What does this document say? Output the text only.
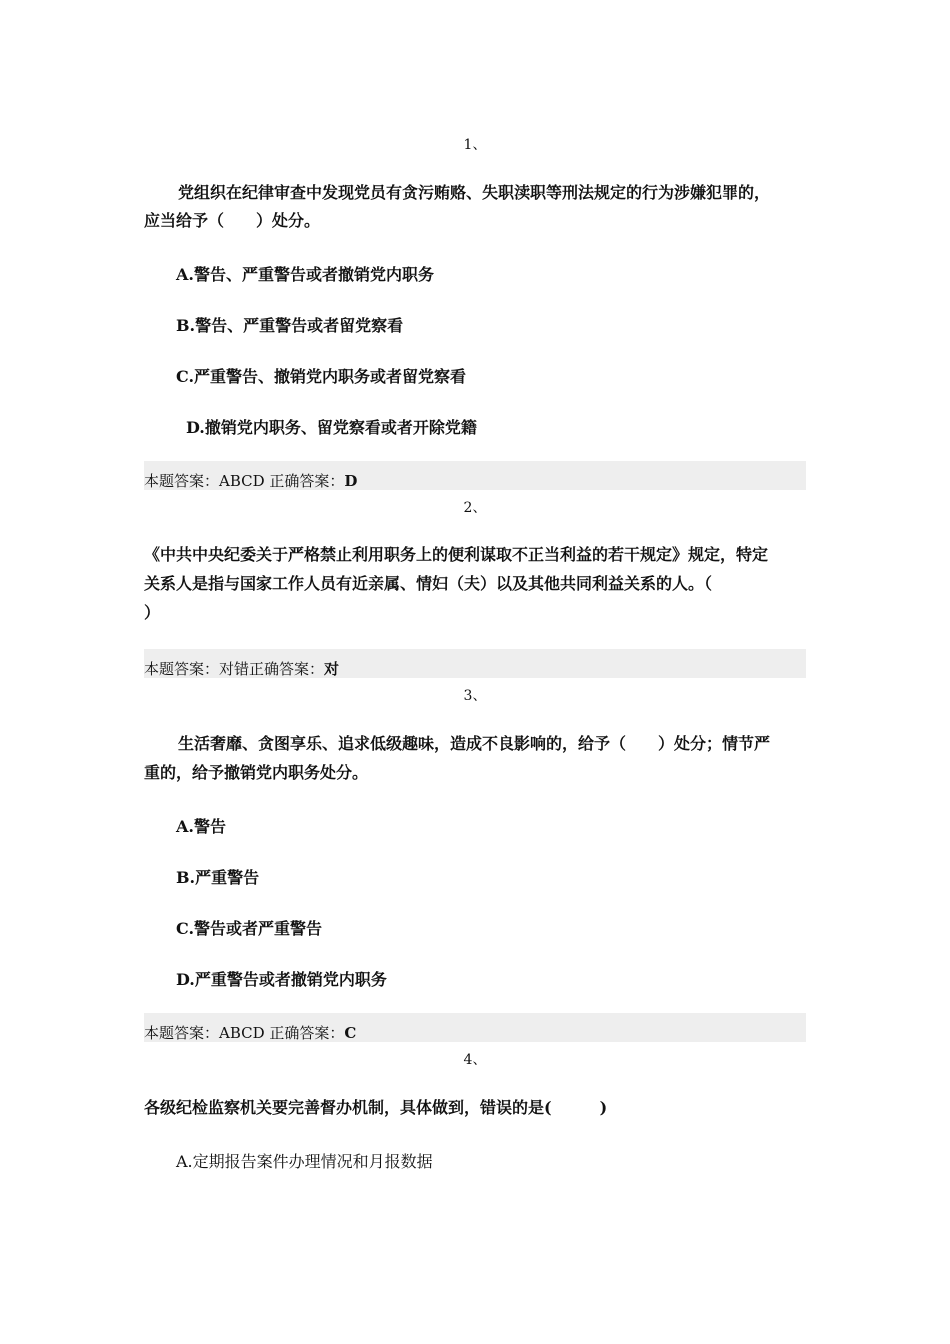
1、
党组织在纪律审查中发现党员有贪污贿赂、失职渎职等刑法规定的行为涉嫌犯罪的，
应当给予（　　）处分。
A.警告、严重警告或者撤销党内职务
B.警告、严重警告或者留党察看
C.严重警告、撤销党内职务或者留党察看
D.撤销党内职务、留党察看或者开除党籍
本题答案：ABCD 正确答案：D
2、
《中共中央纪委关于严格禁止利用职务上的便利谋取不正当利益的若干规定》规定，特定
关系人是指与国家工作人员有近亲属、情妇（夫）以及其他共同利益关系的人。（
）
本题答案：对错正确答案：对
3、
生活奢靡、贪图享乐、追求低级趣味，造成不良影响的，给予（　　）处分；情节严
重的，给予撤销党内职务处分。
A.警告
B.严重警告
C.警告或者严重警告
D.严重警告或者撤销党内职务
本题答案：ABCD 正确答案：C
4、
各级纪检监察机关要完善督办机制，具体做到，错误的是(　　　)
A.定期报告案件办理情况和月报数据
